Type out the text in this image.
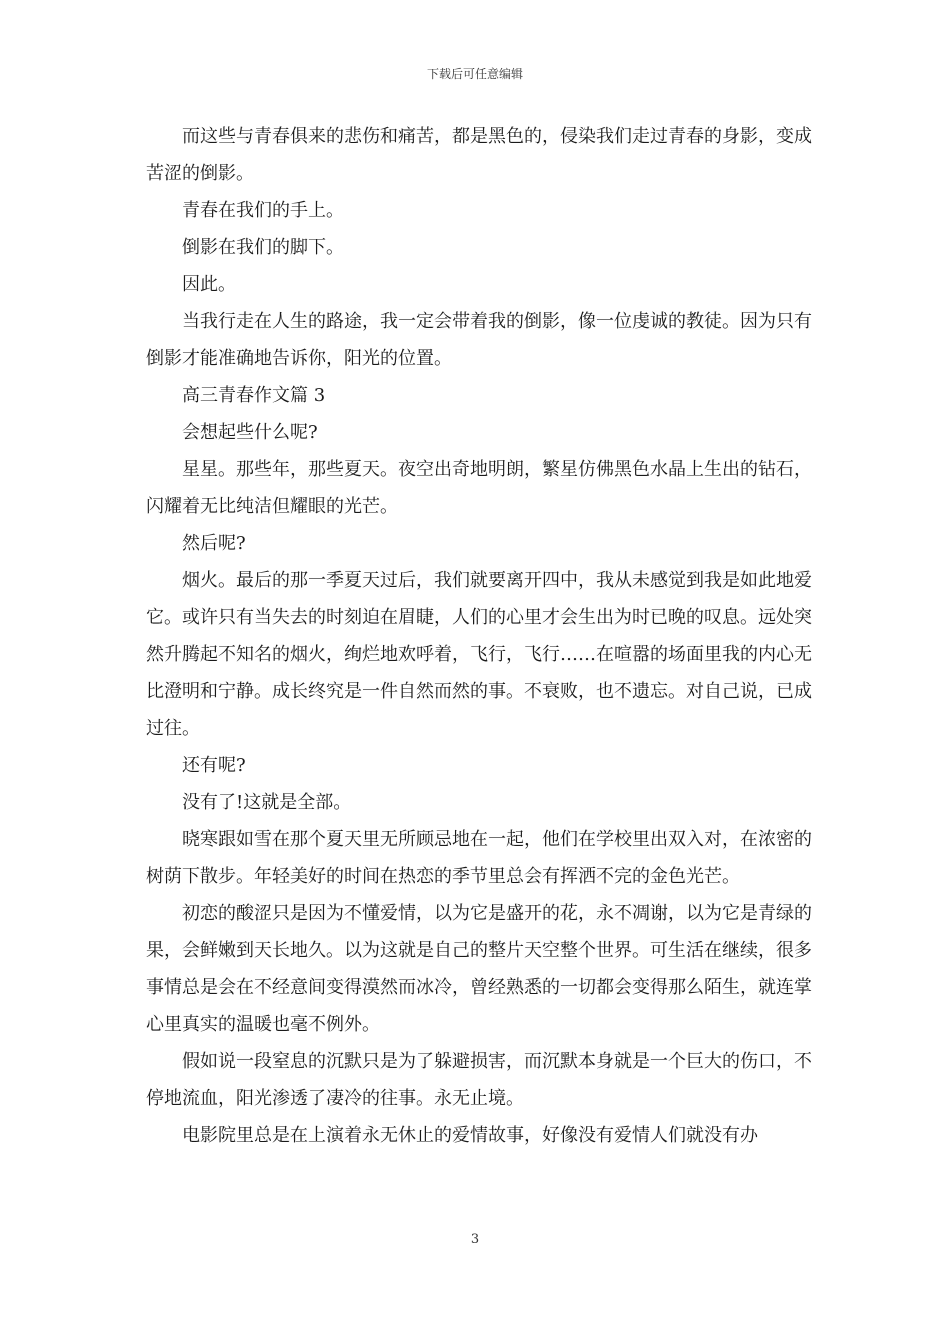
下载后可任意编辑

而这些与青春俱来的悲伤和痛苦，都是黑色的，侵染我们走过青春的身影，变成苦涩的倒影。

青春在我们的手上。

倒影在我们的脚下。

因此。

当我行走在人生的路途，我一定会带着我的倒影，像一位虔诚的教徒。因为只有倒影才能准确地告诉你，阳光的位置。

高三青春作文篇 3

会想起些什么呢?

星星。那些年，那些夏天。夜空出奇地明朗，繁星仿佛黑色水晶上生出的钻石，闪耀着无比纯洁但耀眼的光芒。

然后呢?

烟火。最后的那一季夏天过后，我们就要离开四中，我从未感觉到我是如此地爱它。或许只有当失去的时刻迫在眉睫，人们的心里才会生出为时已晚的叹息。远处突然升腾起不知名的烟火，绚烂地欢呼着，飞行，飞行……在喧嚣的场面里我的内心无比澄明和宁静。成长终究是一件自然而然的事。不衰败，也不遗忘。对自己说，已成过往。

还有呢?

没有了!这就是全部。

晓寒跟如雪在那个夏天里无所顾忌地在一起，他们在学校里出双入对，在浓密的树荫下散步。年轻美好的时间在热恋的季节里总会有挥洒不完的金色光芒。

初恋的酸涩只是因为不懂爱情，以为它是盛开的花，永不凋谢，以为它是青绿的果，会鲜嫩到天长地久。以为这就是自己的整片天空整个世界。可生活在继续，很多事情总是会在不经意间变得漠然而冰冷，曾经熟悉的一切都会变得那么陌生，就连掌心里真实的温暖也毫不例外。

假如说一段窒息的沉默只是为了躲避损害，而沉默本身就是一个巨大的伤口，不停地流血，阳光渗透了凄冷的往事。永无止境。

电影院里总是在上演着永无休止的爱情故事，好像没有爱情人们就没有办

3
